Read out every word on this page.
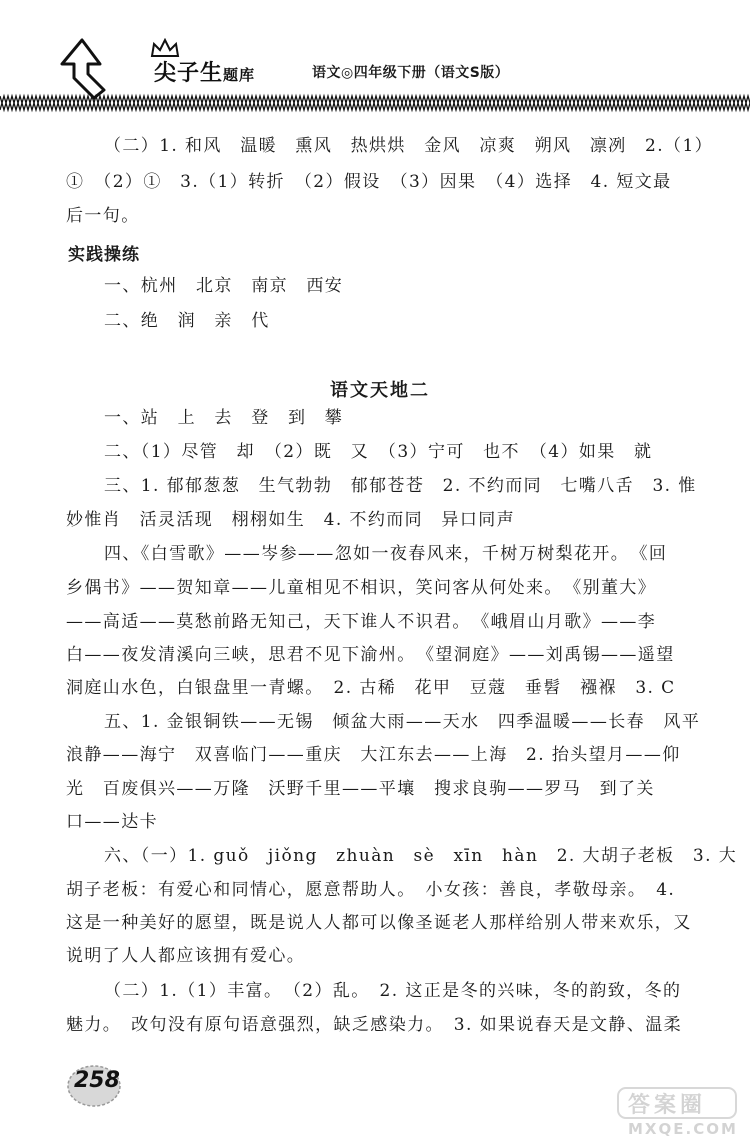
尖子生题库	语文◎四年级下册（语文S版）
（二）1. 和风　温暖　熏风　热烘烘　金风　凉爽　朔风　凛冽　2.（1）
①　（2）①　3.（1）转折　（2）假设　（3）因果　（4）选择　4. 短文最
后一句。
实践操练
一、杭州　北京　南京　西安
二、绝　润　亲　代
语文天地二
一、站　上　去　登　到　攀
二、（1）尽管　却　（2）既　又　（3）宁可　也不　（4）如果　就
三、1. 郁郁葱葱　生气勃勃　郁郁苍苍　2. 不约而同　七嘴八舌　3. 惟
妙惟肖　活灵活现　栩栩如生　4. 不约而同　异口同声
四、《白雪歌》——岑参——忽如一夜春风来，千树万树梨花开。　《回
乡偶书》——贺知章——儿童相见不相识，笑问客从何处来。　《别董大》
——高适——莫愁前路无知己，天下谁人不识君。　《峨眉山月歌》——李
白——夜发清溪向三峡，思君不见下渝州。　《望洞庭》——刘禹锡——遥望
洞庭山水色，白银盘里一青螺。　2. 古稀　花甲　豆蔻　垂髫　襁褓　3. C
五、1. 金银铜铁——无锡　倾盆大雨——天水　四季温暖——长春　风平
浪静——海宁　双喜临门——重庆　大江东去——上海　2. 抬头望月——仰
光　百废俱兴——万隆　沃野千里——平壤　搜求良驹——罗马　到了关
口——达卡
六、（一）1. guǒ　jiǒng　zhuàn　sè　xīn　hàn　2. 大胡子老板　3. 大
胡子老板：有爱心和同情心，愿意帮助人。　小女孩：善良，孝敬母亲。　4.
这是一种美好的愿望，既是说人人都可以像圣诞老人那样给别人带来欢乐，又
说明了人人都应该拥有爱心。
（二）1.（1）丰富。　（2）乱。　2. 这正是冬的兴味，冬的韵致，冬的
魅力。　改句没有原句语意强烈，缺乏感染力。　3. 如果说春天是文静、温柔
258
答案圈
MXQE.COM
